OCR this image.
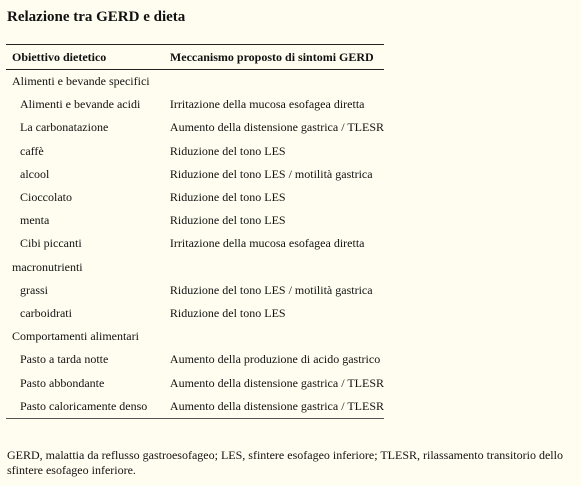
Relazione tra GERD e dieta
Obiettivo dietetico	Meccanismo proposto di sintomi GERD
Alimenti e bevande specifici	
Alimenti e bevande acidi	Irritazione della mucosa esofagea diretta
La carbonatazione	Aumento della distensione gastrica / TLESR
caffè	Riduzione del tono LES
alcool	Riduzione del tono LES / motilità gastrica
Cioccolato	Riduzione del tono LES
menta	Riduzione del tono LES
Cibi piccanti	Irritazione della mucosa esofagea diretta
macronutrienti	
grassi	Riduzione del tono LES / motilità gastrica
carboidrati	Riduzione del tono LES
Comportamenti alimentari	
Pasto a tarda notte	Aumento della produzione di acido gastrico
Pasto abbondante	Aumento della distensione gastrica / TLESR
Pasto caloricamente denso	Aumento della distensione gastrica / TLESR

GERD, malattia da reflusso gastroesofageo; LES, sfintere esofageo inferiore; TLESR, rilassamento transitorio dello sfintere esofageo inferiore.
